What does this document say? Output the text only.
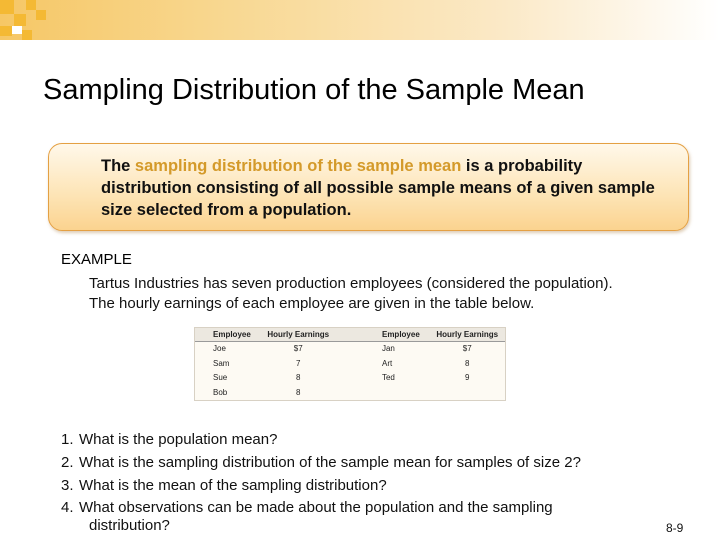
Sampling Distribution of the Sample Mean
The sampling distribution of the sample mean is a probability distribution consisting of all possible sample means of a given sample size selected from a population.
EXAMPLE
Tartus Industries has seven production employees (considered the population). The hourly earnings of each employee are given in the table below.
Employee	Hourly Earnings		Employee	Hourly Earnings
Joe	$7		Jan	$7
Sam	7		Art	8
Sue	8		Ted	9
Bob	8			
1. What is the population mean?
2. What is the sampling distribution of the sample mean for samples of size 2?
3. What is the mean of the sampling distribution?
4. What observations can be made about the population and the sampling
distribution?	8-9
